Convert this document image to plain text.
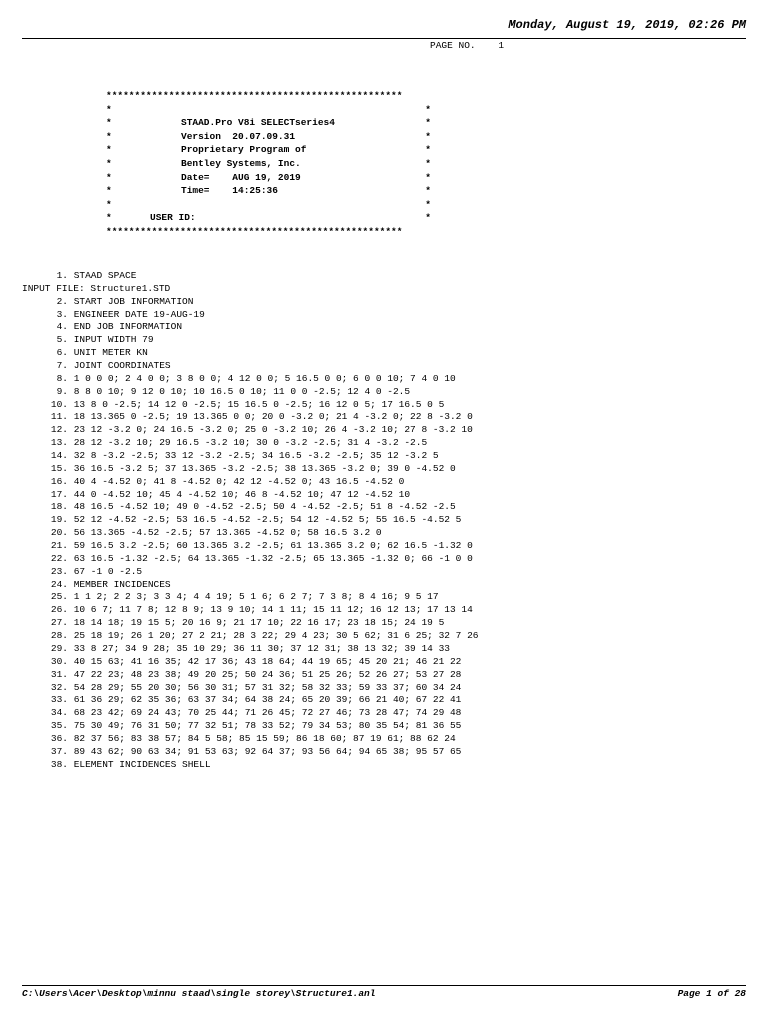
Monday, August 19, 2019, 02:26 PM
PAGE NO. 1
****************************************************
*	*
*	STAAD.Pro V8i SELECTseries4	*
*	Version  20.07.09.31	*
*	Proprietary Program of	*
*	Bentley Systems, Inc.	*
*	Date=    AUG 19, 2019	*
*	Time=    14:25:36	*
*	*
*	USER ID:	*
****************************************************
1. STAAD SPACE
INPUT FILE: Structure1.STD
2. START JOB INFORMATION
3. ENGINEER DATE 19-AUG-19
4. END JOB INFORMATION
5. INPUT WIDTH 79
6. UNIT METER KN
7. JOINT COORDINATES
8. 1 0 0 0; 2 4 0 0; 3 8 0 0; 4 12 0 0; 5 16.5 0 0; 6 0 0 10; 7 4 0 10
9. 8 8 0 10; 9 12 0 10; 10 16.5 0 10; 11 0 0 -2.5; 12 4 0 -2.5
10. 13 8 0 -2.5; 14 12 0 -2.5; 15 16.5 0 -2.5; 16 12 0 5; 17 16.5 0 5
11. 18 13.365 0 -2.5; 19 13.365 0 0; 20 0 -3.2 0; 21 4 -3.2 0; 22 8 -3.2 0
12. 23 12 -3.2 0; 24 16.5 -3.2 0; 25 0 -3.2 10; 26 4 -3.2 10; 27 8 -3.2 10
13. 28 12 -3.2 10; 29 16.5 -3.2 10; 30 0 -3.2 -2.5; 31 4 -3.2 -2.5
14. 32 8 -3.2 -2.5; 33 12 -3.2 -2.5; 34 16.5 -3.2 -2.5; 35 12 -3.2 5
15. 36 16.5 -3.2 5; 37 13.365 -3.2 -2.5; 38 13.365 -3.2 0; 39 0 -4.52 0
16. 40 4 -4.52 0; 41 8 -4.52 0; 42 12 -4.52 0; 43 16.5 -4.52 0
17. 44 0 -4.52 10; 45 4 -4.52 10; 46 8 -4.52 10; 47 12 -4.52 10
18. 48 16.5 -4.52 10; 49 0 -4.52 -2.5; 50 4 -4.52 -2.5; 51 8 -4.52 -2.5
19. 52 12 -4.52 -2.5; 53 16.5 -4.52 -2.5; 54 12 -4.52 5; 55 16.5 -4.52 5
20. 56 13.365 -4.52 -2.5; 57 13.365 -4.52 0; 58 16.5 3.2 0
21. 59 16.5 3.2 -2.5; 60 13.365 3.2 -2.5; 61 13.365 3.2 0; 62 16.5 -1.32 0
22. 63 16.5 -1.32 -2.5; 64 13.365 -1.32 -2.5; 65 13.365 -1.32 0; 66 -1 0 0
23. 67 -1 0 -2.5
24. MEMBER INCIDENCES
25. 1 1 2; 2 2 3; 3 3 4; 4 4 19; 5 1 6; 6 2 7; 7 3 8; 8 4 16; 9 5 17
26. 10 6 7; 11 7 8; 12 8 9; 13 9 10; 14 1 11; 15 11 12; 16 12 13; 17 13 14
27. 18 14 18; 19 15 5; 20 16 9; 21 17 10; 22 16 17; 23 18 15; 24 19 5
28. 25 18 19; 26 1 20; 27 2 21; 28 3 22; 29 4 23; 30 5 62; 31 6 25; 32 7 26
29. 33 8 27; 34 9 28; 35 10 29; 36 11 30; 37 12 31; 38 13 32; 39 14 33
30. 40 15 63; 41 16 35; 42 17 36; 43 18 64; 44 19 65; 45 20 21; 46 21 22
31. 47 22 23; 48 23 38; 49 20 25; 50 24 36; 51 25 26; 52 26 27; 53 27 28
32. 54 28 29; 55 20 30; 56 30 31; 57 31 32; 58 32 33; 59 33 37; 60 34 24
33. 61 36 29; 62 35 36; 63 37 34; 64 38 24; 65 20 39; 66 21 40; 67 22 41
34. 68 23 42; 69 24 43; 70 25 44; 71 26 45; 72 27 46; 73 28 47; 74 29 48
35. 75 30 49; 76 31 50; 77 32 51; 78 33 52; 79 34 53; 80 35 54; 81 36 55
36. 82 37 56; 83 38 57; 84 5 58; 85 15 59; 86 18 60; 87 19 61; 88 62 24
37. 89 43 62; 90 63 34; 91 53 63; 92 64 37; 93 56 64; 94 65 38; 95 57 65
38. ELEMENT INCIDENCES SHELL
C:\Users\Acer\Desktop\minnu staad\single storey\Structure1.anl	Page 1 of 28
